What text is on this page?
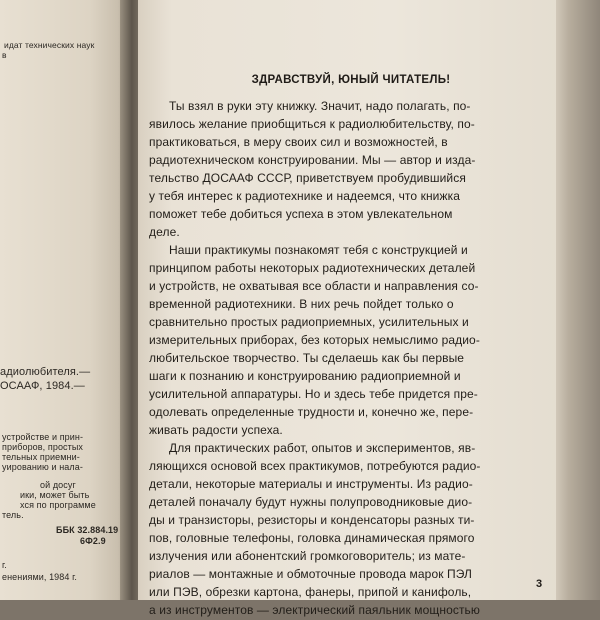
идат технических наук
в
адиолюбителя.—
ОСААФ, 1984.—
устройстве и прин-
приборов, простых
тельных приемни-
уированию и нала-
ой досуг
ики, может быть
хся по программе
тель.
ББК 32.884.19
6Ф2.9
г.
енениями, 1984 г.
ЗДРАВСТВУЙ, ЮНЫЙ ЧИТАТЕЛЬ!
Ты взял в руки эту книжку. Значит, надо полагать, по-
явилось желание приобщиться к радиолюбительству, по-
практиковаться, в меру своих сил и возможностей, в
радиотехническом конструировании. Мы — автор и изда-
тельство ДОСААФ СССР, приветствуем пробудившийся
у тебя интерес к радиотехнике и надеемся, что книжка
поможет тебе добиться успеха в этом увлекательном
деле.
Наши практикумы познакомят тебя с конструкцией и
принципом работы некоторых радиотехнических деталей
и устройств, не охватывая все области и направления со-
временной радиотехники. В них речь пойдет только о
сравнительно простых радиоприемных, усилительных и
измерительных приборах, без которых немыслимо радио-
любительское творчество. Ты сделаешь как бы первые
шаги к познанию и конструированию радиоприемной и
усилительной аппаратуры. Но и здесь тебе придется пре-
одолевать определенные трудности и, конечно же, пере-
живать радости успеха.
Для практических работ, опытов и экспериментов, яв-
ляющихся основой всех практикумов, потребуются радио-
детали, некоторые материалы и инструменты. Из радио-
деталей поначалу будут нужны полупроводниковые дио-
ды и транзисторы, резисторы и конденсаторы разных ти-
пов, головные телефоны, головка динамическая прямого
излучения или абонентский громкоговоритель; из мате-
риалов — монтажные и обмоточные провода марок ПЭЛ
или ПЭВ, обрезки картона, фанеры, припой и канифоль,
а из инструментов — электрический паяльник мощностью
3
